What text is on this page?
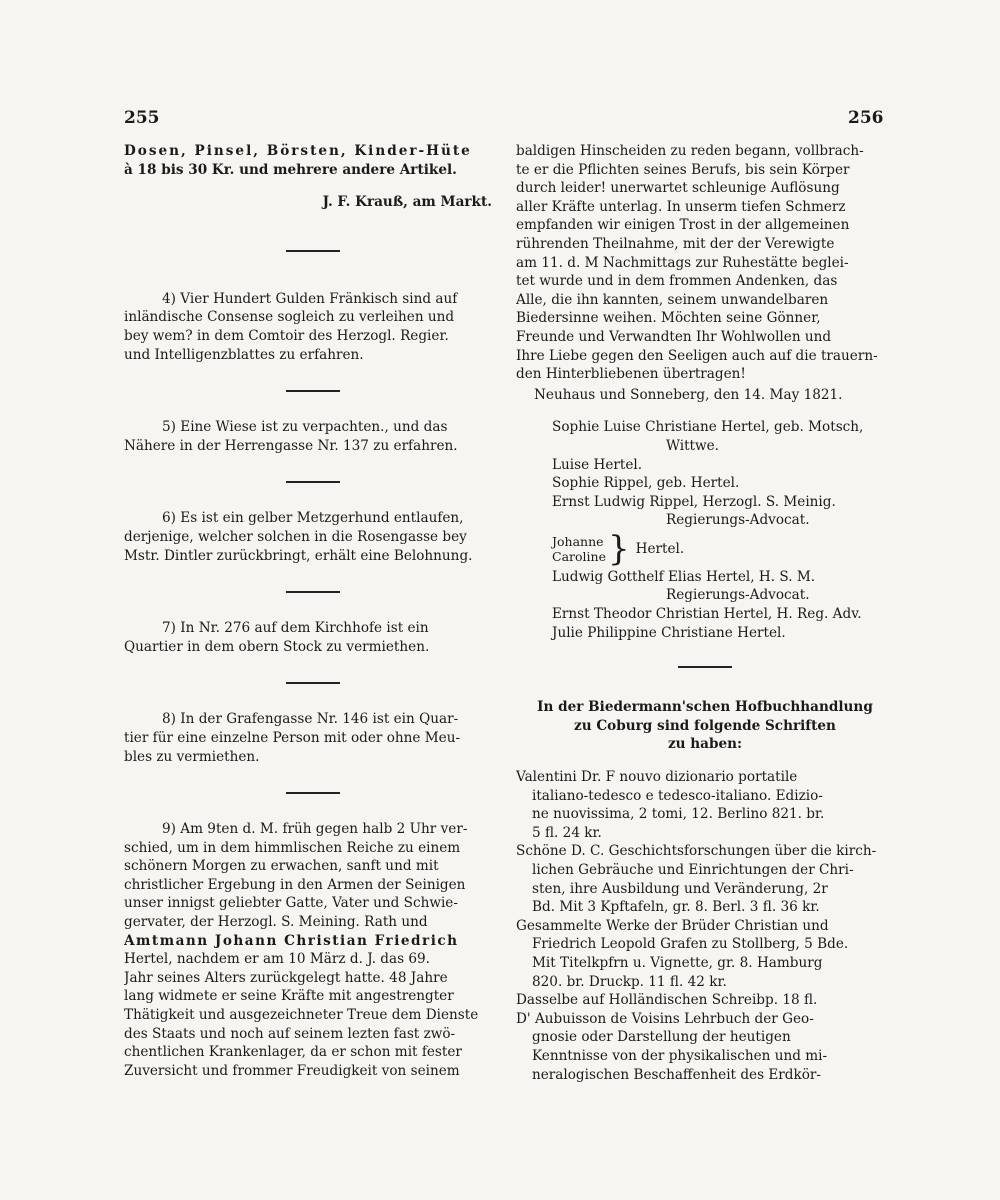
255	256

Dosen, Pinsel, Börsten, Kinder-Hüte
à 18 bis 30 Kr. und mehrere andere Artikel.

J. F. Krauß, am Markt.

4) Vier Hundert Gulden Fränkisch sind auf
inländische Consense sogleich zu verleihen und
bey wem? in dem Comtoir des Herzogl. Regier.
und Intelligenzblattes zu erfahren.

5) Eine Wiese ist zu verpachten., und das
Nähere in der Herrengasse Nr. 137 zu erfahren.

6) Es ist ein gelber Metzgerhund entlaufen,
derjenige, welcher solchen in die Rosengasse bey
Mstr. Dintler zurückbringt, erhält eine Belohnung.

7) In Nr. 276 auf dem Kirchhofe ist ein
Quartier in dem obern Stock zu vermiethen.

8) In der Grafengasse Nr. 146 ist ein Quar-
tier für eine einzelne Person mit oder ohne Meu-
bles zu vermiethen.

9) Am 9ten d. M. früh gegen halb 2 Uhr ver-
schied, um in dem himmlischen Reiche zu einem
schönern Morgen zu erwachen, sanft und mit
christlicher Ergebung in den Armen der Seinigen
unser innigst geliebter Gatte, Vater und Schwie-
gervater, der Herzogl. S. Meining. Rath und
Amtmann Johann Christian Friedrich
Hertel, nachdem er am 10 März d. J. das 69.
Jahr seines Alters zurückgelegt hatte. 48 Jahre
lang widmete er seine Kräfte mit angestrengter
Thätigkeit und ausgezeichneter Treue dem Dienste
des Staats und noch auf seinem lezten fast zwö-
chentlichen Krankenlager, da er schon mit fester
Zuversicht und frommer Freudigkeit von seinem

baldigen Hinscheiden zu reden begann, vollbrach-
te er die Pflichten seines Berufs, bis sein Körper
durch leider! unerwartet schleunige Auflösung
aller Kräfte unterlag. In unserm tiefen Schmerz
empfanden wir einigen Trost in der allgemeinen
rührenden Theilnahme, mit der der Verewigte
am 11. d. M Nachmittags zur Ruhestätte beglei-
tet wurde und in dem frommen Andenken, das
Alle, die ihn kannten, seinem unwandelbaren
Biedersinne weihen. Möchten seine Gönner,
Freunde und Verwandten Ihr Wohlwollen und
Ihre Liebe gegen den Seeligen auch auf die trauern-
den Hinterbliebenen übertragen!

Neuhaus und Sonneberg, den 14. May 1821.
Sophie Luise Christiane Hertel, geb. Motsch,
Wittwe.
Luise Hertel.
Sophie Rippel, geb. Hertel.
Ernst Ludwig Rippel, Herzogl. S. Meinig.
Regierungs-Advocat.
Johanne
Caroline } Hertel.
Ludwig Gotthelf Elias Hertel, H. S. M.
Regierungs-Advocat.
Ernst Theodor Christian Hertel, H. Reg. Adv.
Julie Philippine Christiane Hertel.
In der Biedermann'schen Hofbuchhandlung
zu Coburg sind folgende Schriften
zu haben:
Valentini Dr. F nouvo dizionario portatile
italiano-tedesco e tedesco-italiano. Edizio-
ne nuovissima, 2 tomi, 12. Berlino 821. br.
5 fl. 24 kr.
Schöne D. C. Geschichtsforschungen über die kirch-
lichen Gebräuche und Einrichtungen der Chri-
sten, ihre Ausbildung und Veränderung, 2r
Bd. Mit 3 Kpftafeln, gr. 8. Berl. 3 fl. 36 kr.
Gesammelte Werke der Brüder Christian und
Friedrich Leopold Grafen zu Stollberg, 5 Bde.
Mit Titelkpfrn u. Vignette, gr. 8. Hamburg
820. br. Druckp. 11 fl. 42 kr.
Dasselbe auf Holländischen Schreibp. 18 fl.
D' Aubuisson de Voisins Lehrbuch der Geo-
gnosie oder Darstellung der heutigen
Kenntnisse von der physikalischen und mi-
neralogischen Beschaffenheit des Erdkör-
